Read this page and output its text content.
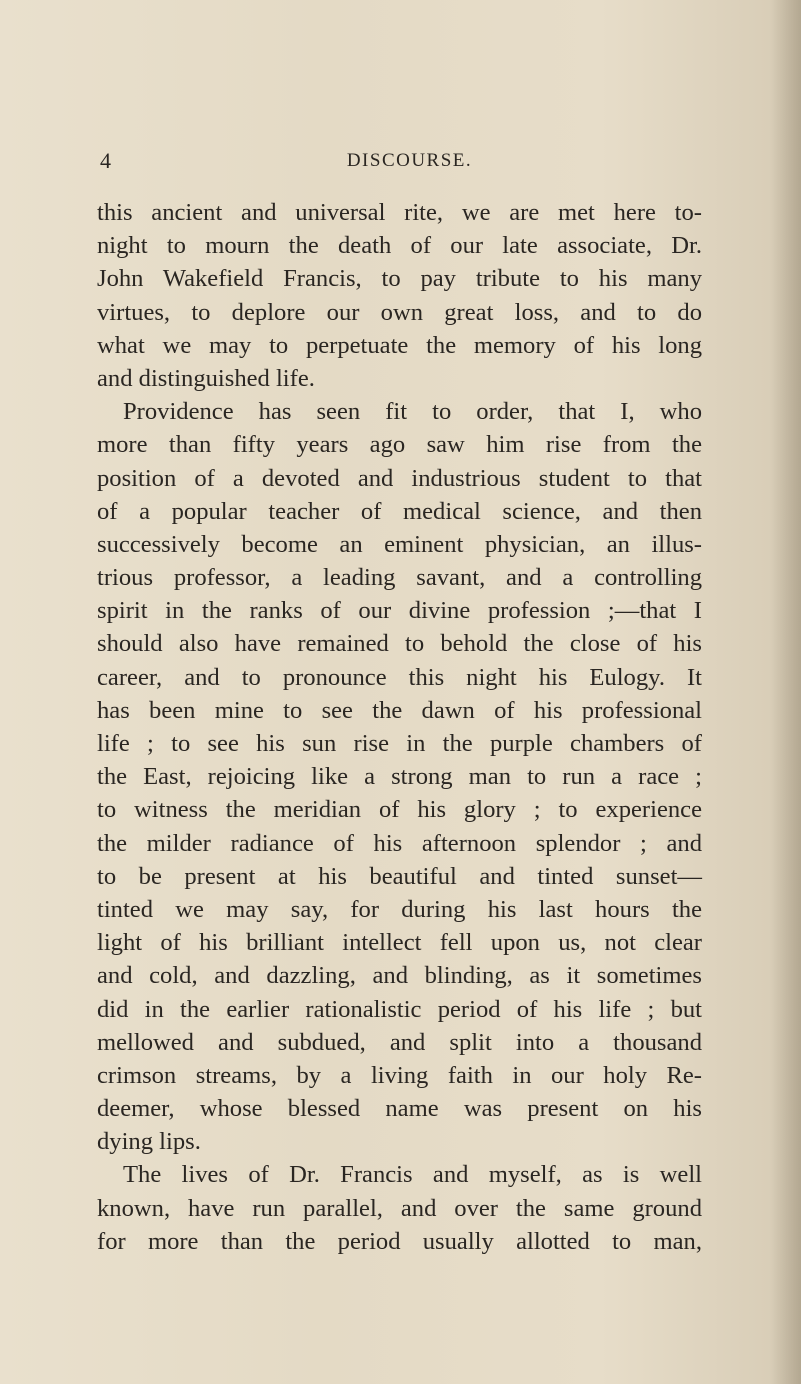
4	DISCOURSE.
this ancient and universal rite, we are met here to-
night to mourn the death of our late associate, Dr.
John Wakefield Francis, to pay tribute to his many
virtues, to deplore our own great loss, and to do
what we may to perpetuate the memory of his long
and distinguished life.
Providence has seen fit to order, that I, who
more than fifty years ago saw him rise from the
position of a devoted and industrious student to that
of a popular teacher of medical science, and then
successively become an eminent physician, an illus-
trious professor, a leading savant, and a controlling
spirit in the ranks of our divine profession ;—that I
should also have remained to behold the close of his
career, and to pronounce this night his Eulogy. It
has been mine to see the dawn of his professional
life ; to see his sun rise in the purple chambers of
the East, rejoicing like a strong man to run a race ;
to witness the meridian of his glory ; to experience
the milder radiance of his afternoon splendor ; and
to be present at his beautiful and tinted sunset—
tinted we may say, for during his last hours the
light of his brilliant intellect fell upon us, not clear
and cold, and dazzling, and blinding, as it sometimes
did in the earlier rationalistic period of his life ; but
mellowed and subdued, and split into a thousand
crimson streams, by a living faith in our holy Re-
deemer, whose blessed name was present on his
dying lips.
The lives of Dr. Francis and myself, as is well
known, have run parallel, and over the same ground
for more than the period usually allotted to man,
